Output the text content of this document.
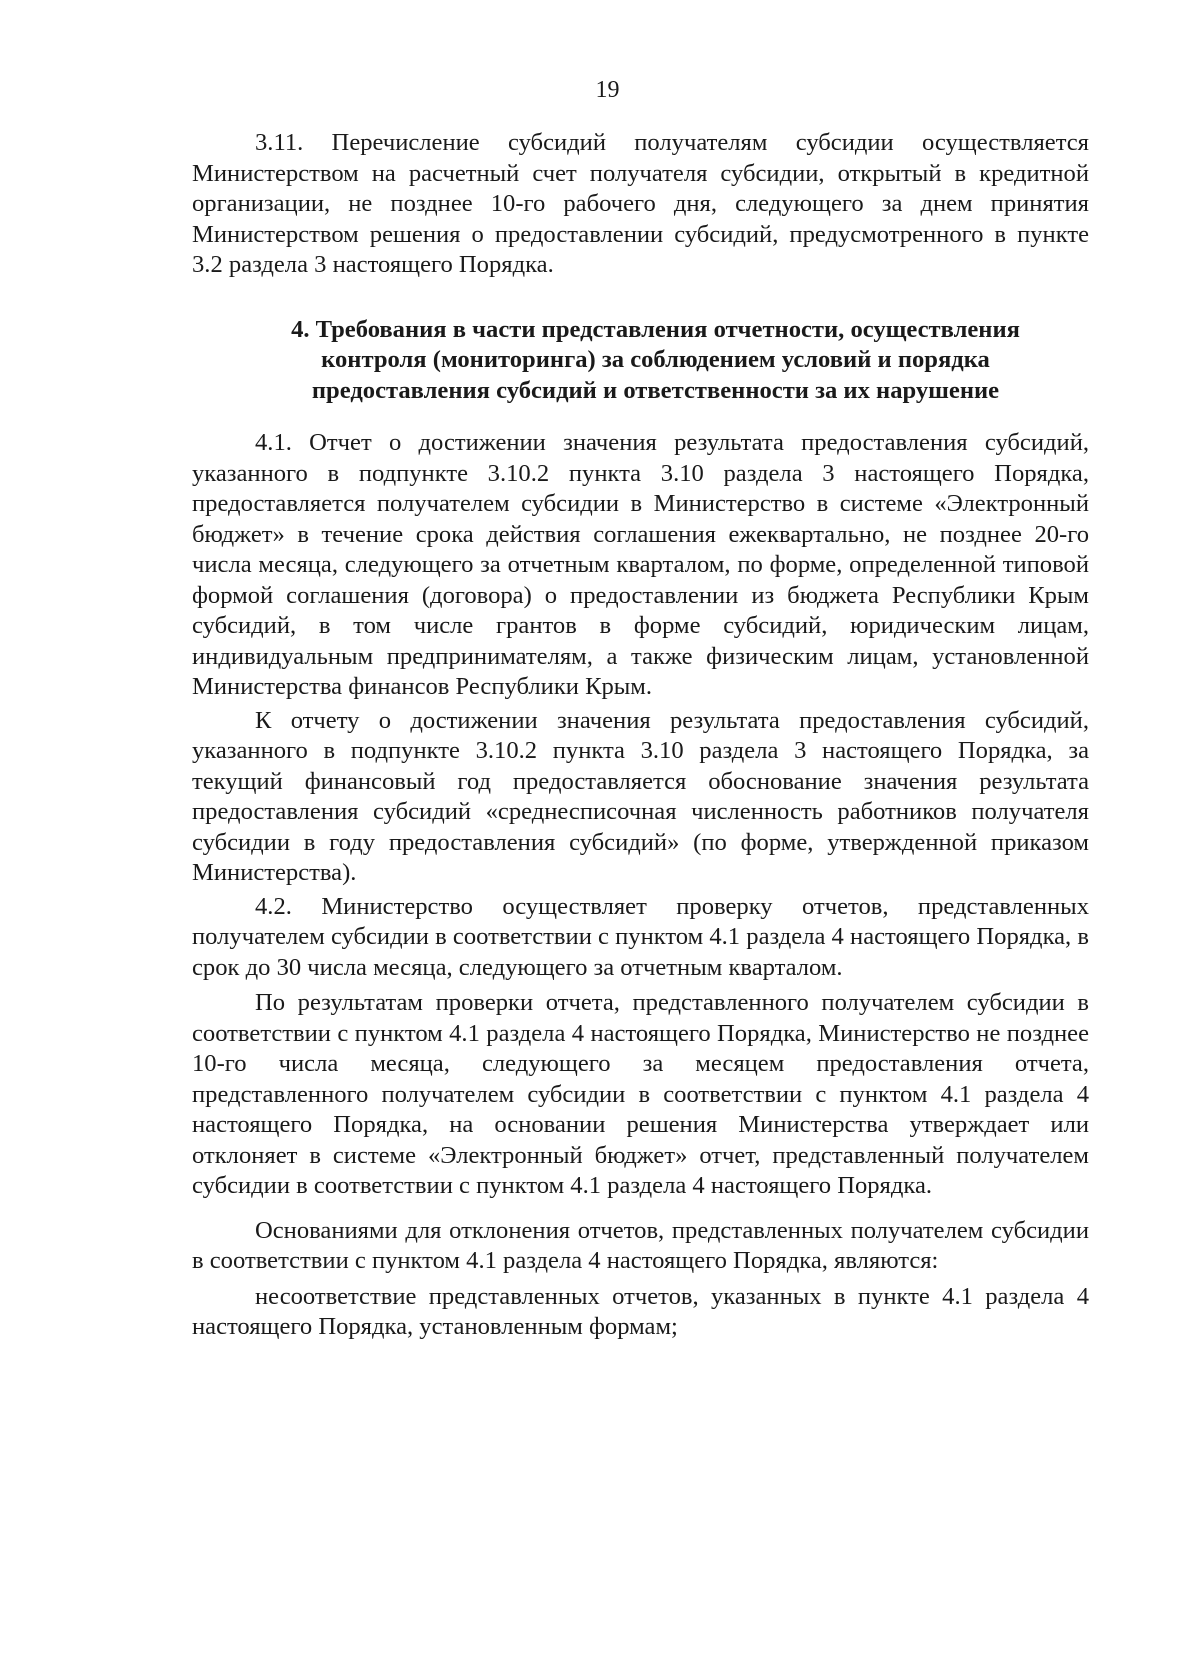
19

3.11. Перечисление субсидий получателям субсидии осуществляется Министерством на расчетный счет получателя субсидии, открытый в кредитной организации, не позднее 10-го рабочего дня, следующего за днем принятия Министерством решения о предоставлении субсидий, предусмотренного в пункте 3.2 раздела 3 настоящего Порядка.

4. Требования в части представления отчетности, осуществления контроля (мониторинга) за соблюдением условий и порядка предоставления субсидий и ответственности за их нарушение

4.1. Отчет о достижении значения результата предоставления субсидий, указанного в подпункте 3.10.2 пункта 3.10 раздела 3 настоящего Порядка, предоставляется получателем субсидии в Министерство в системе «Электронный бюджет» в течение срока действия соглашения ежеквартально, не позднее 20-го числа месяца, следующего за отчетным кварталом, по форме, определенной типовой формой соглашения (договора) о предоставлении из бюджета Республики Крым субсидий, в том числе грантов в форме субсидий, юридическим лицам, индивидуальным предпринимателям, а также физическим лицам, установленной Министерства финансов Республики Крым.

К отчету о достижении значения результата предоставления субсидий, указанного в подпункте 3.10.2 пункта 3.10 раздела 3 настоящего Порядка, за текущий финансовый год предоставляется обоснование значения результата предоставления субсидий «среднесписочная численность работников получателя субсидии в году предоставления субсидий» (по форме, утвержденной приказом Министерства).

4.2. Министерство осуществляет проверку отчетов, представленных получателем субсидии в соответствии с пунктом 4.1 раздела 4 настоящего Порядка, в срок до 30 числа месяца, следующего за отчетным кварталом.

По результатам проверки отчета, представленного получателем субсидии в соответствии с пунктом 4.1 раздела 4 настоящего Порядка, Министерство не позднее 10-го числа месяца, следующего за месяцем предоставления отчета, представленного получателем субсидии в соответствии с пунктом 4.1 раздела 4 настоящего Порядка, на основании решения Министерства утверждает или отклоняет в системе «Электронный бюджет» отчет, представленный получателем субсидии в соответствии с пунктом 4.1 раздела 4 настоящего Порядка.

Основаниями для отклонения отчетов, представленных получателем субсидии в соответствии с пунктом 4.1 раздела 4 настоящего Порядка, являются:

несоответствие представленных отчетов, указанных в пункте 4.1 раздела 4 настоящего Порядка, установленным формам;
